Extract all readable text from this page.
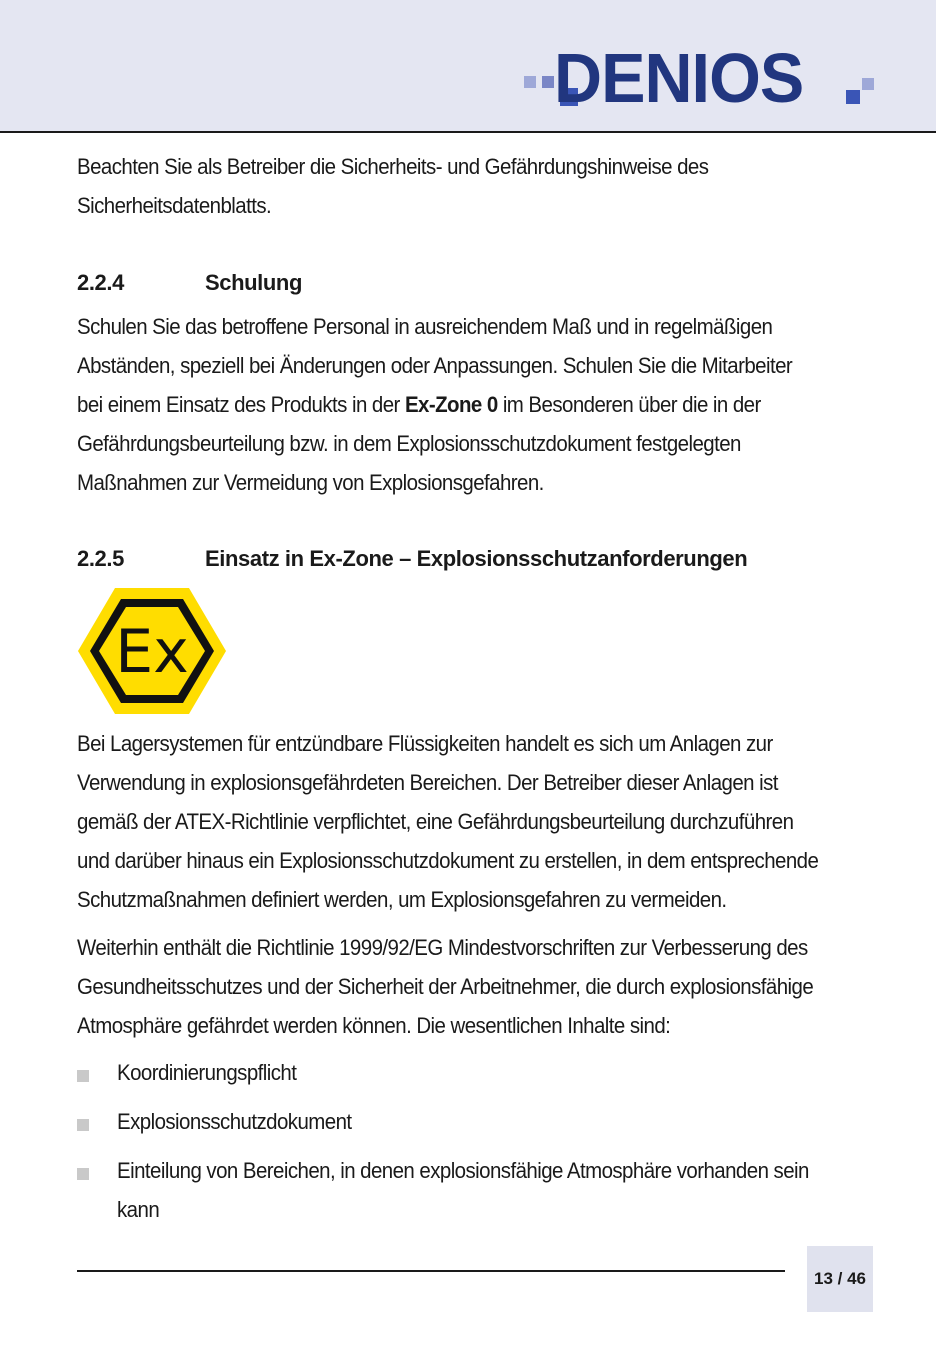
DENIOS
Beachten Sie als Betreiber die Sicherheits- und Gefährdungshinweise des Sicherheitsdatenblatts.
2.2.4	Schulung
Schulen Sie das betroffene Personal in ausreichendem Maß und in regelmäßigen Abständen, speziell bei Änderungen oder Anpassungen. Schulen Sie die Mitarbeiter bei einem Einsatz des Produkts in der Ex-Zone 0 im Besonderen über die in der Gefährdungsbeurteilung bzw. in dem Explosionsschutzdokument festgelegten Maßnahmen zur Vermeidung von Explosionsgefahren.
2.2.5	Einsatz in Ex-Zone – Explosionsschutzanforderungen
Ex
Bei Lagersystemen für entzündbare Flüssigkeiten handelt es sich um Anlagen zur Verwendung in explosionsgefährdeten Bereichen. Der Betreiber dieser Anlagen ist gemäß der ATEX-Richtlinie verpflichtet, eine Gefährdungsbeurteilung durchzuführen und darüber hinaus ein Explosionsschutzdokument zu erstellen, in dem entsprechende Schutzmaßnahmen definiert werden, um Explosionsgefahren zu vermeiden.
Weiterhin enthält die Richtlinie 1999/92/EG Mindestvorschriften zur Verbesserung des Gesundheitsschutzes und der Sicherheit der Arbeitnehmer, die durch explosionsfähige Atmosphäre gefährdet werden können. Die wesentlichen Inhalte sind:
Koordinierungspflicht
Explosionsschutzdokument
Einteilung von Bereichen, in denen explosionsfähige Atmosphäre vorhanden sein kann
13 / 46
